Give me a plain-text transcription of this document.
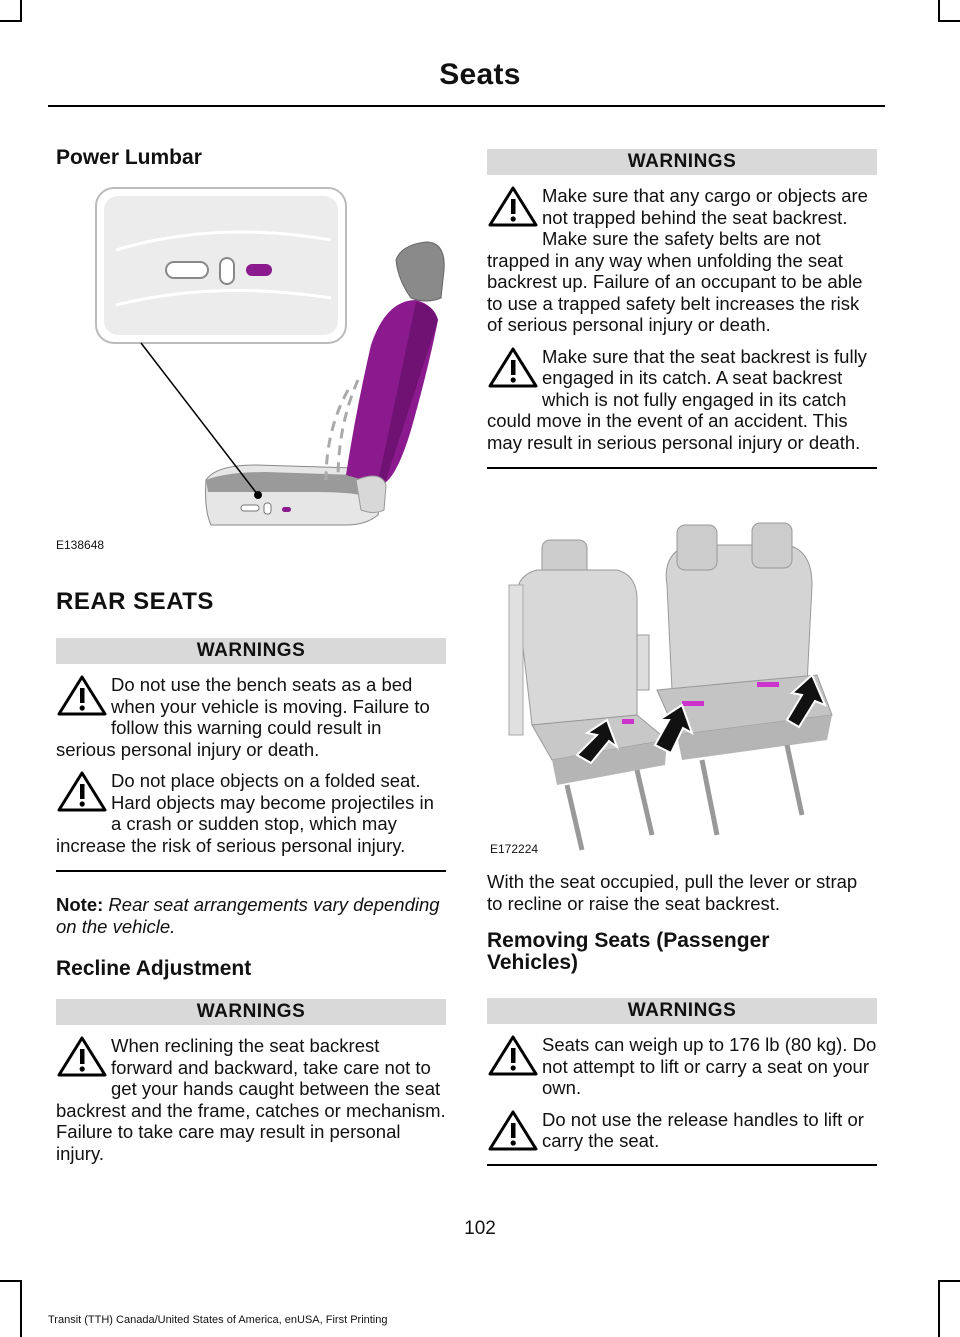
Seats
Power Lumbar
E138648
REAR SEATS
WARNINGS
Do not use the bench seats as a bed when your vehicle is moving. Failure to follow this warning could result in serious personal injury or death.
Do not place objects on a folded seat. Hard objects may become projectiles in a crash or sudden stop, which may increase the risk of serious personal injury.
Note: Rear seat arrangements vary depending on the vehicle.
Recline Adjustment
WARNINGS
When reclining the seat backrest forward and backward, take care not to get your hands caught between the seat backrest and the frame, catches or mechanism. Failure to take care may result in personal injury.
WARNINGS
Make sure that any cargo or objects are not trapped behind the seat backrest. Make sure the safety belts are not trapped in any way when unfolding the seat backrest up. Failure of an occupant to be able to use a trapped safety belt increases the risk of serious personal injury or death.
Make sure that the seat backrest is fully engaged in its catch. A seat backrest which is not fully engaged in its catch could move in the event of an accident. This may result in serious personal injury or death.
E172224
With the seat occupied, pull the lever or strap to recline or raise the seat backrest.
Removing Seats (Passenger Vehicles)
WARNINGS
Seats can weigh up to 176 lb (80 kg). Do not attempt to lift or carry a seat on your own.
Do not use the release handles to lift or carry the seat.
102
Transit (TTH) Canada/United States of America, enUSA, First Printing
